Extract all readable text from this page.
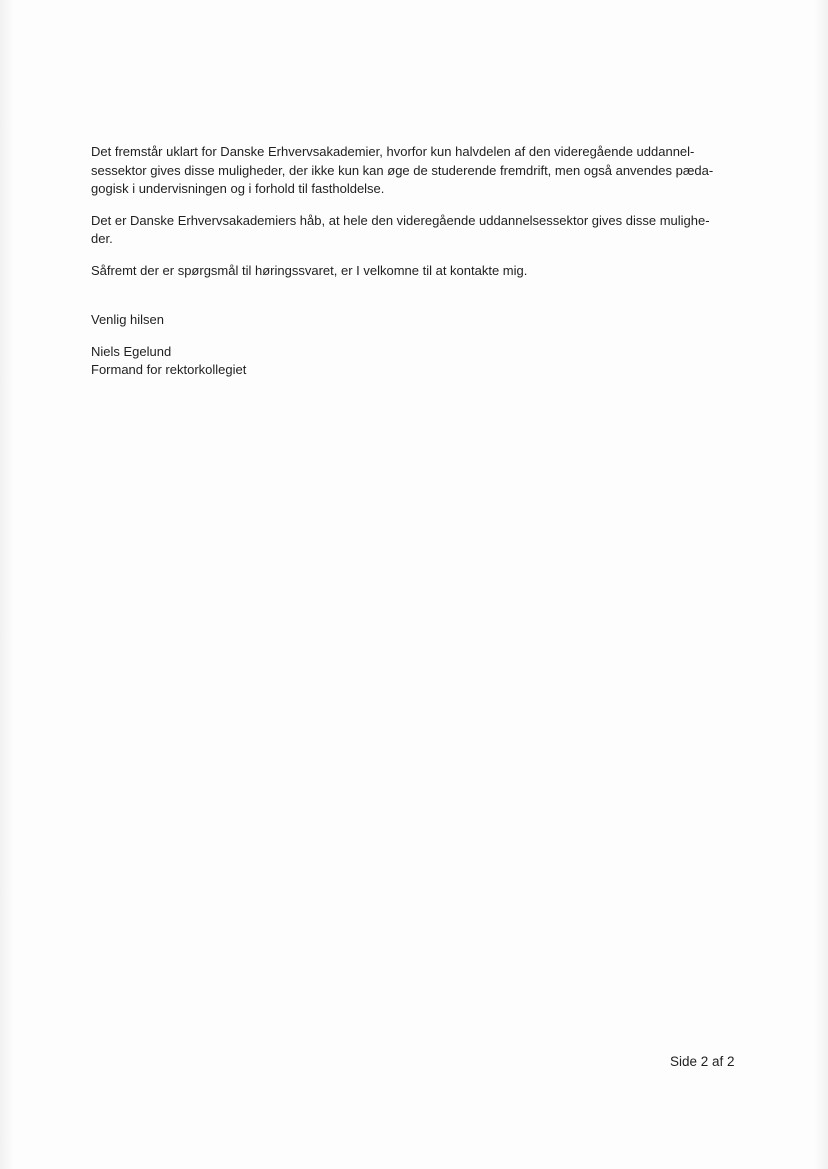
Det fremstår uklart for Danske Erhvervsakademier, hvorfor kun halvdelen af den videregående uddannel-
sessektor gives disse muligheder, der ikke kun kan øge de studerende fremdrift, men også anvendes pæda-
gogisk i undervisningen og i forhold til fastholdelse.

Det er Danske Erhvervsakademiers håb, at hele den videregående uddannelsessektor gives disse mulighe-
der.

Såfremt der er spørgsmål til høringssvaret, er I velkomne til at kontakte mig.

Venlig hilsen
Niels Egelund
Formand for rektorkollegiet
Side 2 af 2
